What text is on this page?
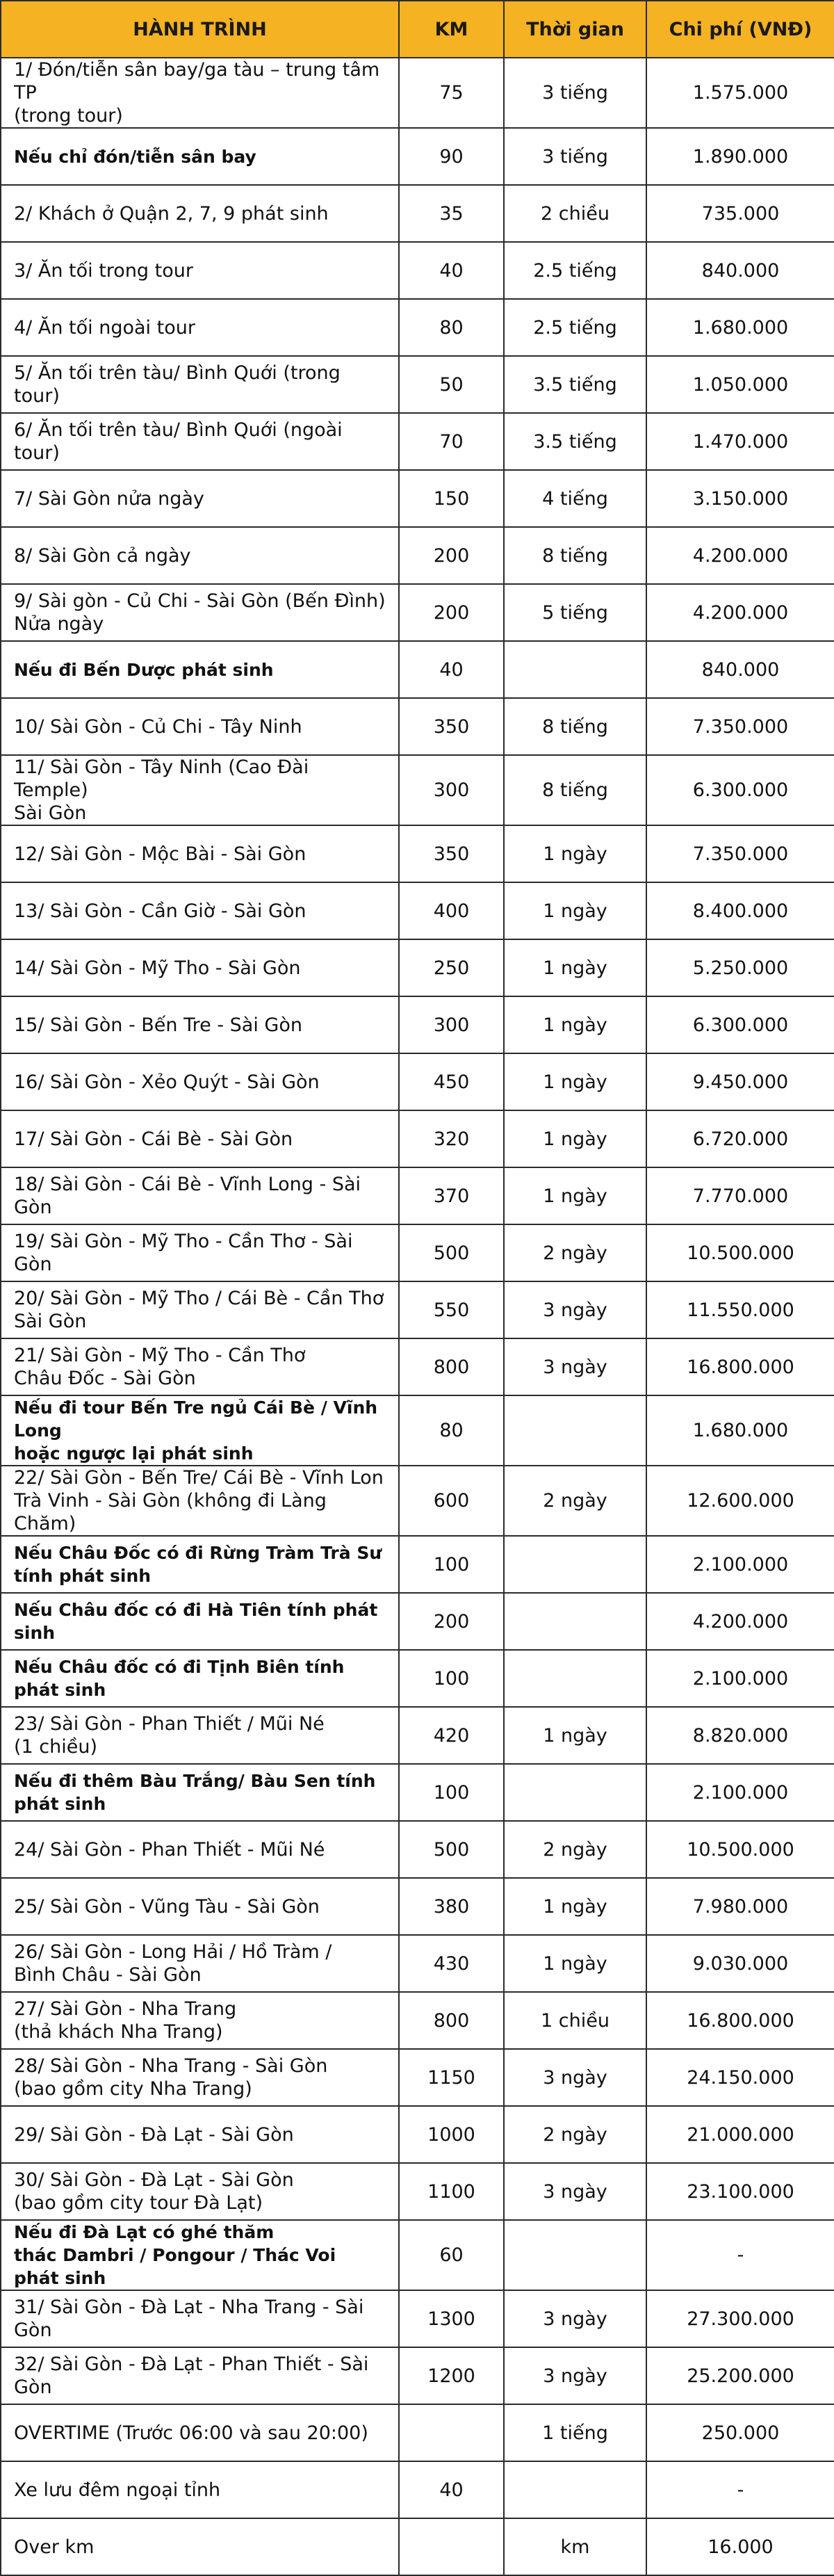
HÀNH TRÌNH	KM	Thời gian	Chi phí (VNĐ)
1/ Đón/tiễn sân bay/ga tàu – trung tâm TP
(trong tour)	75	3 tiếng	1.575.000
Nếu chỉ đón/tiễn sân bay	90	3 tiếng	1.890.000
2/ Khách ở Quận 2, 7, 9 phát sinh	35	2 chiều	735.000
3/ Ăn tối trong tour	40	2.5 tiếng	840.000
4/ Ăn tối ngoài tour	80	2.5 tiếng	1.680.000
5/ Ăn tối trên tàu/ Bình Quới (trong tour)	50	3.5 tiếng	1.050.000
6/ Ăn tối trên tàu/ Bình Quới (ngoài tour)	70	3.5 tiếng	1.470.000
7/ Sài Gòn nửa ngày	150	4 tiếng	3.150.000
8/ Sài Gòn cả ngày	200	8 tiếng	4.200.000
9/ Sài gòn - Củ Chi - Sài Gòn (Bến Đình)
Nửa ngày	200	5 tiếng	4.200.000
Nếu đi Bến Dược phát sinh	40		840.000
10/ Sài Gòn - Củ Chi - Tây Ninh	350	8 tiếng	7.350.000
11/ Sài Gòn - Tây Ninh (Cao Đài Temple)
Sài Gòn	300	8 tiếng	6.300.000
12/ Sài Gòn - Mộc Bài - Sài Gòn	350	1 ngày	7.350.000
13/ Sài Gòn - Cần Giờ - Sài Gòn	400	1 ngày	8.400.000
14/ Sài Gòn - Mỹ Tho - Sài Gòn	250	1 ngày	5.250.000
15/ Sài Gòn - Bến Tre - Sài Gòn	300	1 ngày	6.300.000
16/ Sài Gòn - Xẻo Quýt - Sài Gòn	450	1 ngày	9.450.000
17/ Sài Gòn - Cái Bè - Sài Gòn	320	1 ngày	6.720.000
18/ Sài Gòn - Cái Bè - Vĩnh Long - Sài Gòn	370	1 ngày	7.770.000
19/ Sài Gòn - Mỹ Tho - Cần Thơ - Sài Gòn	500	2 ngày	10.500.000
20/ Sài Gòn - Mỹ Tho / Cái Bè - Cần Thơ
Sài Gòn	550	3 ngày	11.550.000
21/ Sài Gòn - Mỹ Tho - Cần Thơ
Châu Đốc - Sài Gòn	800	3 ngày	16.800.000
Nếu đi tour Bến Tre ngủ Cái Bè / Vĩnh Long
hoặc ngược lại phát sinh	80		1.680.000
22/ Sài Gòn - Bến Tre/ Cái Bè - Vĩnh Lon
Trà Vinh - Sài Gòn (không đi Làng Chăm)	600	2 ngày	12.600.000
Nếu Châu Đốc có đi Rừng Tràm Trà Sư
tính phát sinh	100		2.100.000
Nếu Châu đốc có đi Hà Tiên tính phát sinh	200		4.200.000
Nếu Châu đốc có đi Tịnh Biên tính
phát sinh	100		2.100.000
23/ Sài Gòn - Phan Thiết / Mũi Né
(1 chiều)	420	1 ngày	8.820.000
Nếu đi thêm Bàu Trắng/ Bàu Sen tính
phát sinh	100		2.100.000
24/ Sài Gòn - Phan Thiết - Mũi Né	500	2 ngày	10.500.000
25/ Sài Gòn - Vũng Tàu - Sài Gòn	380	1 ngày	7.980.000
26/ Sài Gòn - Long Hải / Hồ Tràm /
Bình Châu - Sài Gòn	430	1 ngày	9.030.000
27/ Sài Gòn - Nha Trang
(thả khách Nha Trang)	800	1 chiều	16.800.000
28/ Sài Gòn - Nha Trang - Sài Gòn
(bao gồm city Nha Trang)	1150	3 ngày	24.150.000
29/ Sài Gòn - Đà Lạt - Sài Gòn	1000	2 ngày	21.000.000
30/ Sài Gòn - Đà Lạt - Sài Gòn
(bao gồm city tour Đà Lạt)	1100	3 ngày	23.100.000
Nếu đi Đà Lạt có ghé thăm
thác Dambri / Pongour / Thác Voi phát sinh	60		-
31/ Sài Gòn - Đà Lạt - Nha Trang - Sài Gòn	1300	3 ngày	27.300.000
32/ Sài Gòn - Đà Lạt - Phan Thiết - Sài Gòn	1200	3 ngày	25.200.000
OVERTIME (Trước 06:00 và sau 20:00)		1 tiếng	250.000
Xe lưu đêm ngoại tỉnh	40		-
Over km		km	16.000
